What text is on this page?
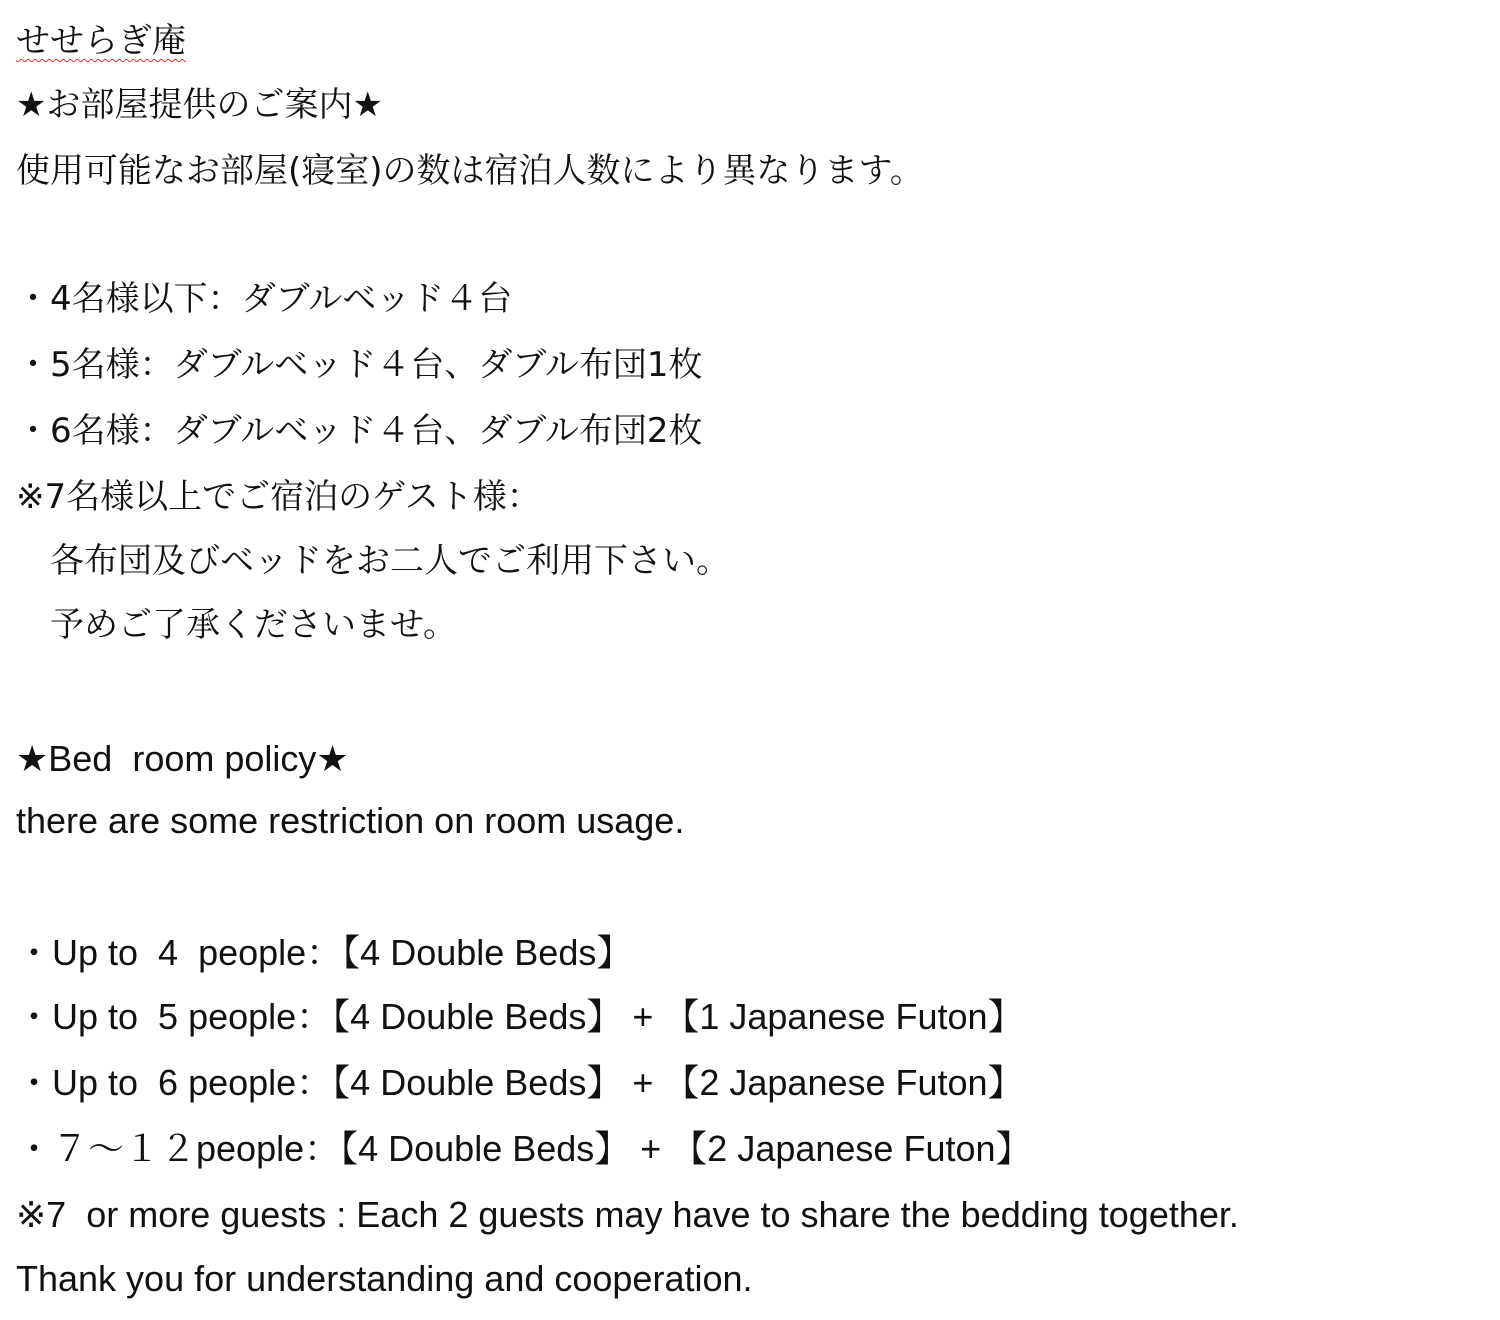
せせらぎ庵
★お部屋提供のご案内★
使用可能なお部屋(寝室)の数は宿泊人数により異なります。
・4名様以下：ダブルベッド４台
・5名様：ダブルベッド４台、ダブル布団1枚
・6名様：ダブルベッド４台、ダブル布団2枚
※7名様以上でご宿泊のゲスト様：
　各布団及びベッドをお二人でご利用下さい。
　予めご了承くださいませ。
★Bed  room policy★
there are some restriction on room usage.
・Up to  4  people：【4 Double Beds】
・Up to  5 people：【4 Double Beds】 + 【1 Japanese Futon】
・Up to  6 people：【4 Double Beds】 + 【2 Japanese Futon】
・７～１２people：【4 Double Beds】 + 【2 Japanese Futon】
※7  or more guests : Each 2 guests may have to share the bedding together.
Thank you for understanding and cooperation.
